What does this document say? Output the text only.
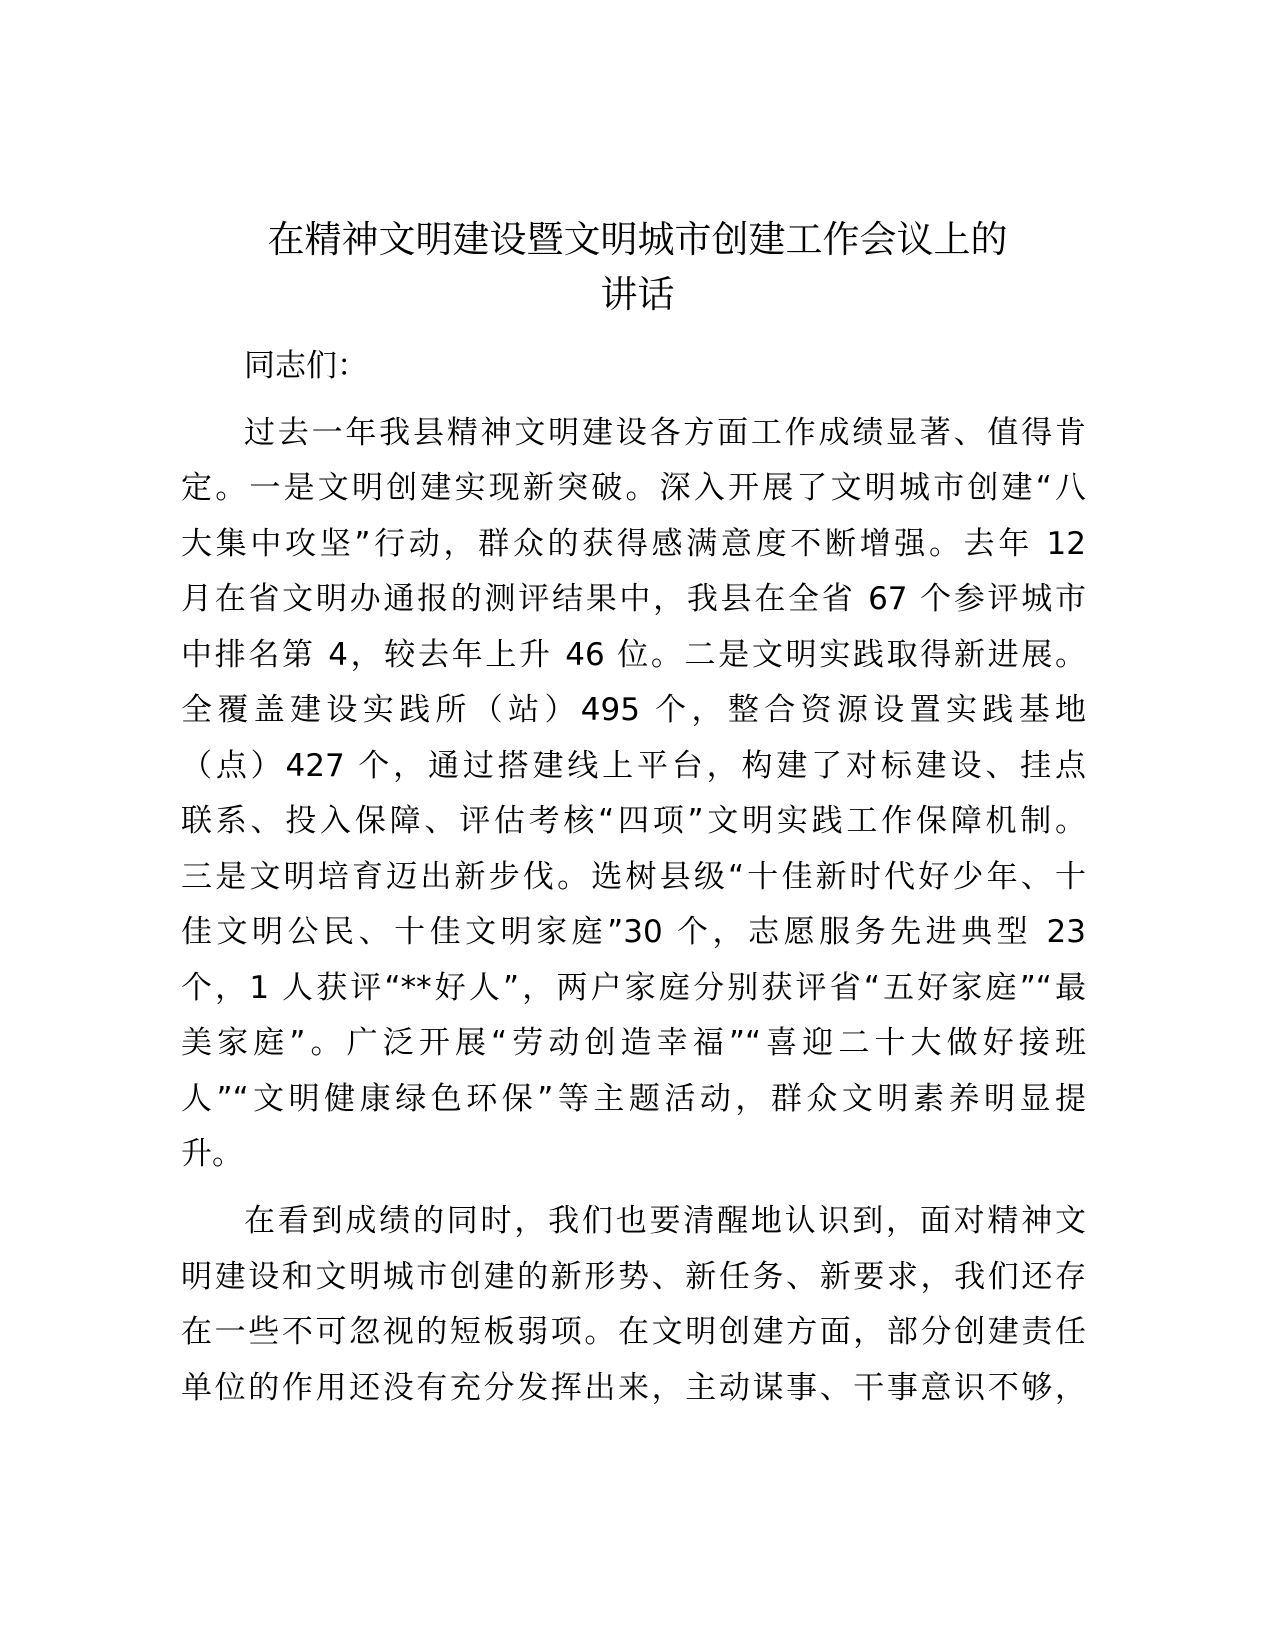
在精神文明建设暨文明城市创建工作会议上的
讲话
同志们：
过去一年我县精神文明建设各方面工作成绩显著、值得肯
定。一是文明创建实现新突破。深入开展了文明城市创建“八
大集中攻坚”行动，群众的获得感满意度不断增强。去年 12
月在省文明办通报的测评结果中，我县在全省 67 个参评城市
中排名第 4，较去年上升 46 位。二是文明实践取得新进展。
全覆盖建设实践所（站）495 个，整合资源设置实践基地
（点）427 个，通过搭建线上平台，构建了对标建设、挂点
联系、投入保障、评估考核“四项”文明实践工作保障机制。
三是文明培育迈出新步伐。选树县级“十佳新时代好少年、十
佳文明公民、十佳文明家庭”30 个，志愿服务先进典型 23
个，1 人获评“**好人”，两户家庭分别获评省“五好家庭”“最
美家庭”。广泛开展“劳动创造幸福”“喜迎二十大做好接班
人”“文明健康绿色环保”等主题活动，群众文明素养明显提
升。
在看到成绩的同时，我们也要清醒地认识到，面对精神文
明建设和文明城市创建的新形势、新任务、新要求，我们还存
在一些不可忽视的短板弱项。在文明创建方面，部分创建责任
单位的作用还没有充分发挥出来，主动谋事、干事意识不够，
